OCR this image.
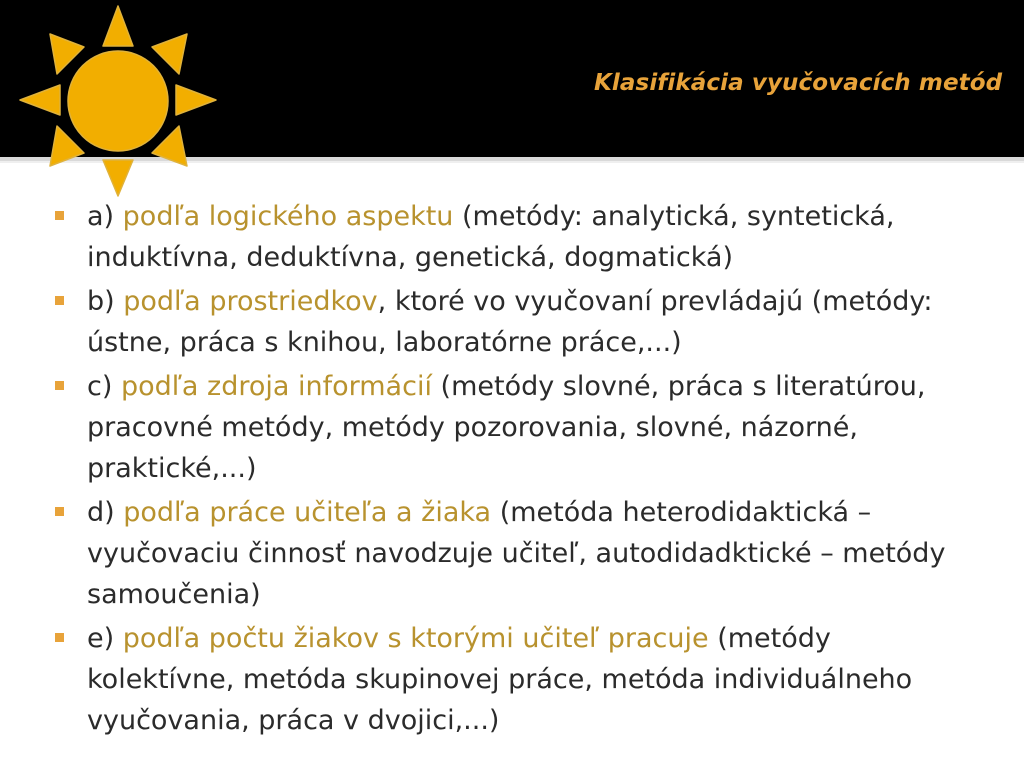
Klasifikácia vyučovacích metód
a) podľa logického aspektu (metódy: analytická, syntetická, induktívna, deduktívna, genetická, dogmatická)
b) podľa prostriedkov, ktoré vo vyučovaní prevládajú (metódy: ústne, práca s knihou, laboratórne práce,...)
c) podľa zdroja informácií (metódy slovné, práca s literatúrou, pracovné metódy, metódy pozorovania, slovné, názorné, praktické,...)
d) podľa práce učiteľa a žiaka (metóda heterodidaktická – vyučovaciu činnosť navodzuje učiteľ, autodidadktické – metódy samoučenia)
e) podľa počtu žiakov s ktorými učiteľ pracuje (metódy kolektívne, metóda skupinovej práce, metóda individuálneho vyučovania, práca v dvojici,...)
